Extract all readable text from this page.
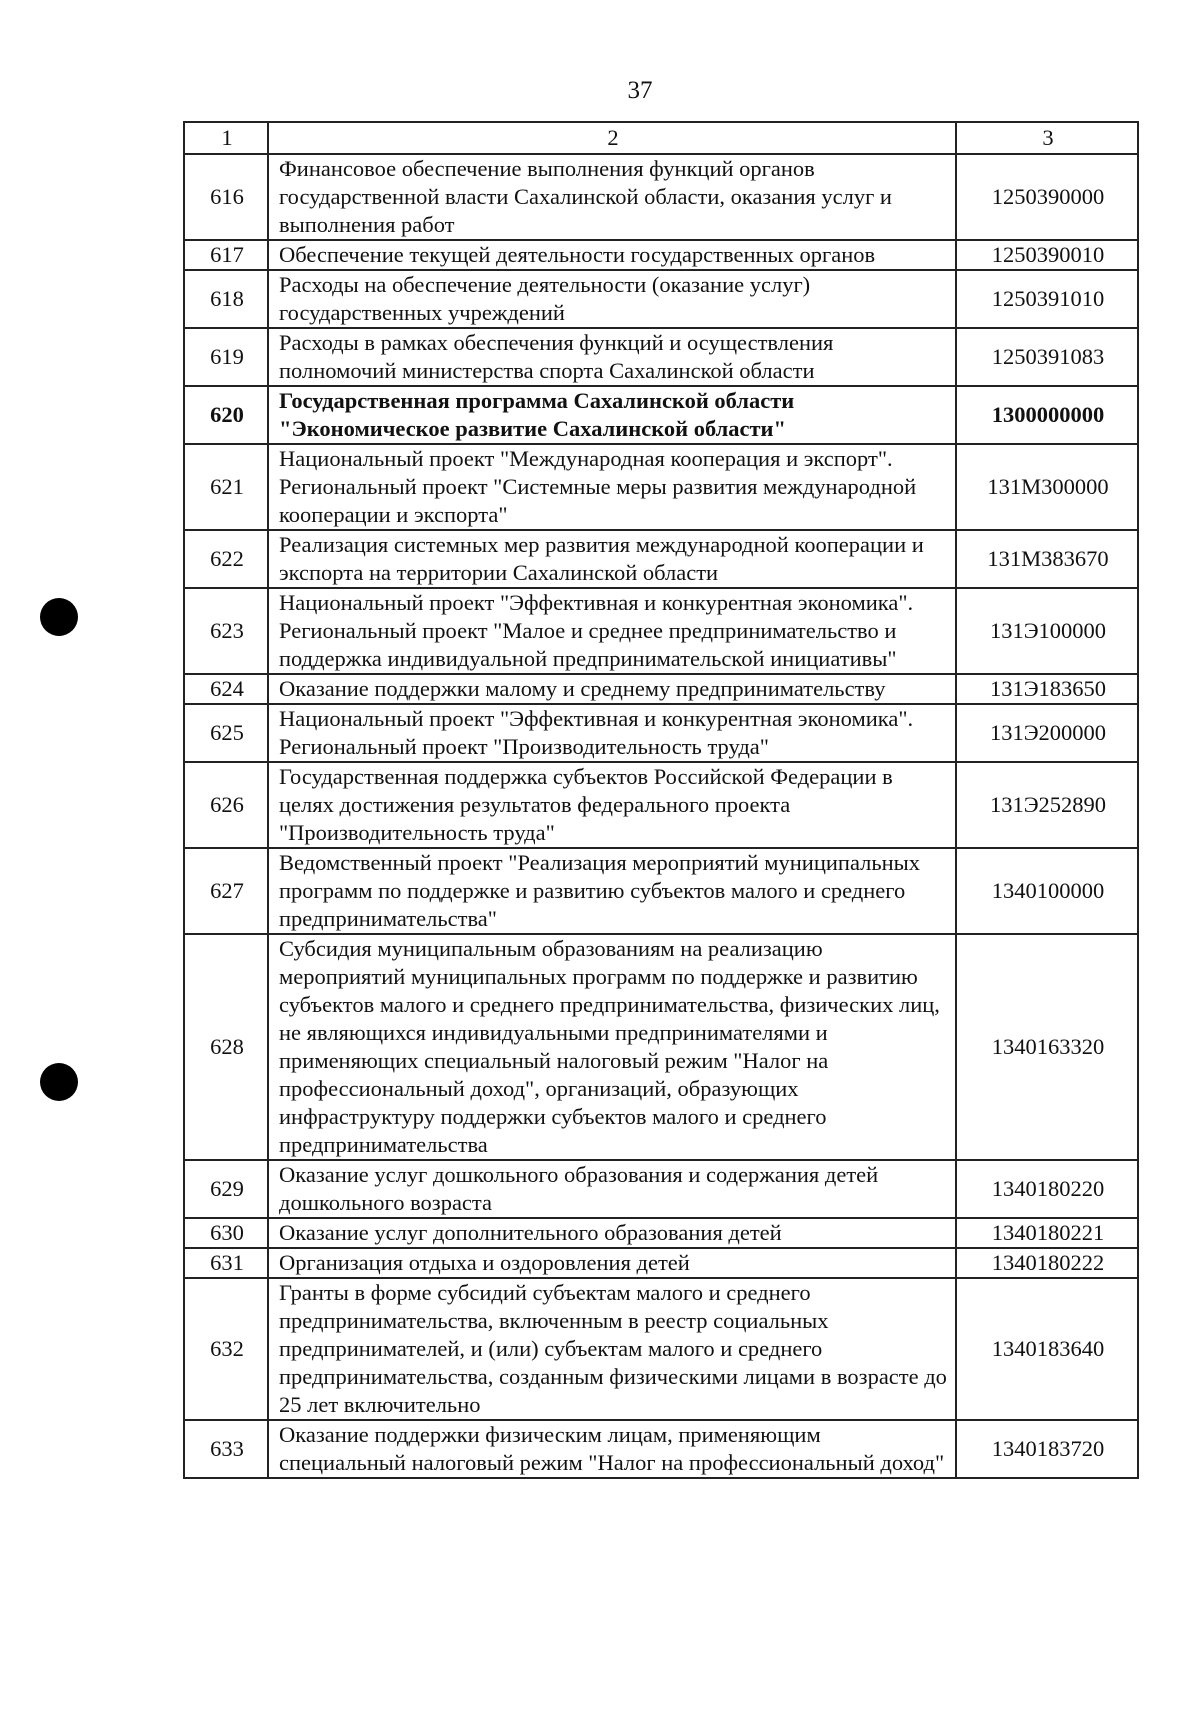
37
1	2	3
616	Финансовое обеспечение выполнения функций органов государственной власти Сахалинской области, оказания услуг и выполнения работ	1250390000
617	Обеспечение текущей деятельности государственных органов	1250390010
618	Расходы на обеспечение деятельности (оказание услуг) государственных учреждений	1250391010
619	Расходы в рамках обеспечения функций и осуществления полномочий министерства спорта Сахалинской области	1250391083
620	Государственная программа Сахалинской области "Экономическое развитие Сахалинской области"	1300000000
621	Национальный проект "Международная кооперация и экспорт". Региональный проект "Системные меры развития международной кооперации и экспорта"	131М300000
622	Реализация системных мер развития международной кооперации и экспорта на территории Сахалинской области	131М383670
623	Национальный проект "Эффективная и конкурентная экономика". Региональный проект "Малое и среднее предпринимательство и поддержка индивидуальной предпринимательской инициативы"	131Э100000
624	Оказание поддержки малому и среднему предпринимательству	131Э183650
625	Национальный проект "Эффективная и конкурентная экономика". Региональный проект "Производительность труда"	131Э200000
626	Государственная поддержка субъектов Российской Федерации в целях достижения результатов федерального проекта "Производительность труда"	131Э252890
627	Ведомственный проект "Реализация мероприятий муниципальных программ по поддержке и развитию субъектов малого и среднего предпринимательства"	1340100000
628	Субсидия муниципальным образованиям на реализацию мероприятий муниципальных программ по поддержке и развитию субъектов малого и среднего предпринимательства, физических лиц, не являющихся индивидуальными предпринимателями и применяющих специальный налоговый режим "Налог на профессиональный доход", организаций, образующих инфраструктуру поддержки субъектов малого и среднего предпринимательства	1340163320
629	Оказание услуг дошкольного образования и содержания детей дошкольного возраста	1340180220
630	Оказание услуг дополнительного образования детей	1340180221
631	Организация отдыха и оздоровления детей	1340180222
632	Гранты в форме субсидий субъектам малого и среднего предпринимательства, включенным в реестр социальных предпринимателей, и (или) субъектам малого и среднего предпринимательства, созданным физическими лицами в возрасте до 25 лет включительно	1340183640
633	Оказание поддержки физическим лицам, применяющим специальный налоговый режим "Налог на профессиональный доход"	1340183720
